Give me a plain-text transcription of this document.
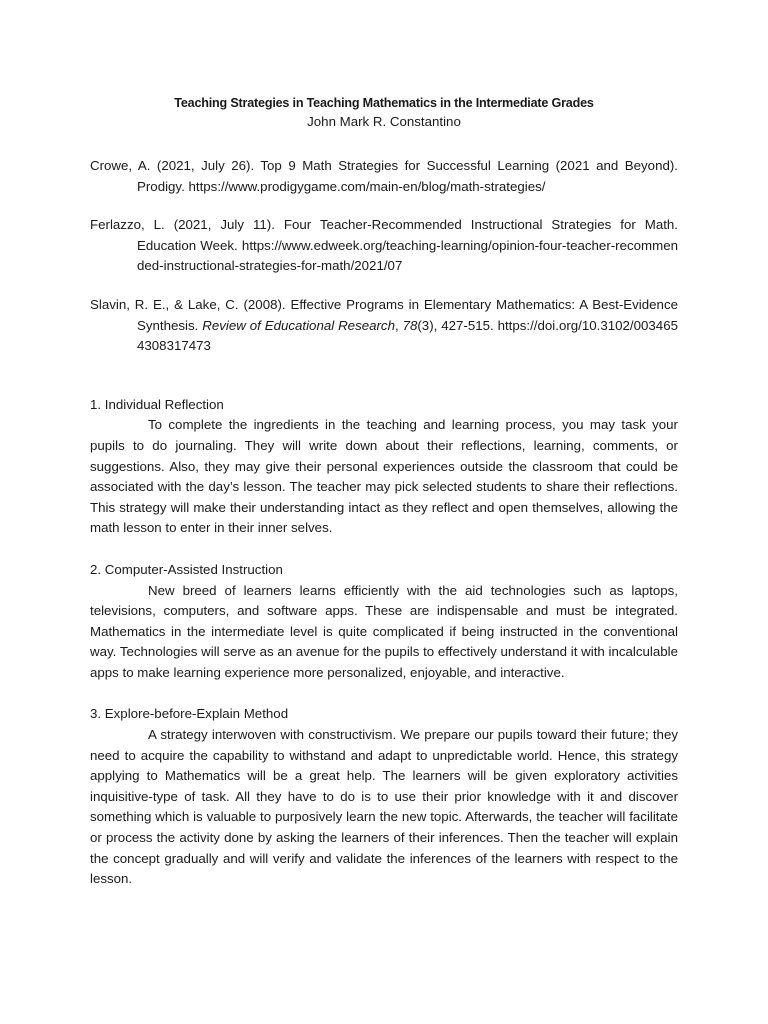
Teaching Strategies in Teaching Mathematics in the Intermediate Grades

John Mark R. Constantino

Crowe, A. (2021, July 26). Top 9 Math Strategies for Successful Learning (2021 and Beyond). Prodigy. https://www.prodigygame.com/main-en/blog/math-strategies/

Ferlazzo, L. (2021, July 11). Four Teacher-Recommended Instructional Strategies for Math. Education Week. https://www.edweek.org/teaching-learning/opinion-four-teacher-recommended-instructional-strategies-for-math/2021/07

Slavin, R. E., & Lake, C. (2008). Effective Programs in Elementary Mathematics: A Best-Evidence Synthesis. Review of Educational Research, 78(3), 427-515. https://doi.org/10.3102/0034654308317473

1. Individual Reflection

To complete the ingredients in the teaching and learning process, you may task your pupils to do journaling. They will write down about their reflections, learning, comments, or suggestions. Also, they may give their personal experiences outside the classroom that could be associated with the day’s lesson. The teacher may pick selected students to share their reflections. This strategy will make their understanding intact as they reflect and open themselves, allowing the math lesson to enter in their inner selves.

2. Computer-Assisted Instruction

New breed of learners learns efficiently with the aid technologies such as laptops, televisions, computers, and software apps. These are indispensable and must be integrated. Mathematics in the intermediate level is quite complicated if being instructed in the conventional way. Technologies will serve as an avenue for the pupils to effectively understand it with incalculable apps to make learning experience more personalized, enjoyable, and interactive.

3. Explore-before-Explain Method

A strategy interwoven with constructivism. We prepare our pupils toward their future; they need to acquire the capability to withstand and adapt to unpredictable world. Hence, this strategy applying to Mathematics will be a great help. The learners will be given exploratory activities inquisitive-type of task. All they have to do is to use their prior knowledge with it and discover something which is valuable to purposively learn the new topic. Afterwards, the teacher will facilitate or process the activity done by asking the learners of their inferences. Then the teacher will explain the concept gradually and will verify and validate the inferences of the learners with respect to the lesson.
